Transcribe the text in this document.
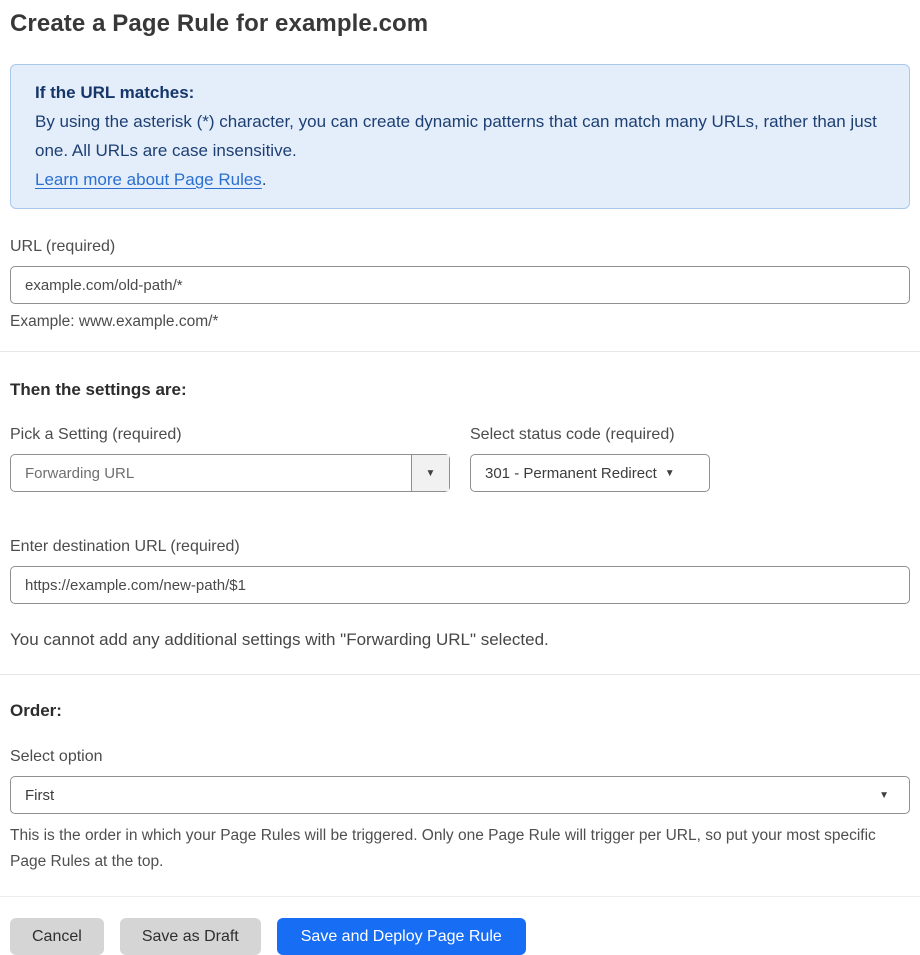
Create a Page Rule for example.com
If the URL matches:
By using the asterisk (*) character, you can create dynamic patterns that can match many URLs, rather than just one. All URLs are case insensitive.
Learn more about Page Rules.
URL (required)
example.com/old-path/*
Example: www.example.com/*
Then the settings are:
Pick a Setting (required)
Forwarding URL	▼
Select status code (required)
301 - Permanent Redirect ▼
Enter destination URL (required)
https://example.com/new-path/$1

You cannot add any additional settings with "Forwarding URL" selected.

Order:
Select option
First	▼
This is the order in which your Page Rules will be triggered. Only one Page Rule will trigger per URL, so put your most specific Page Rules at the top.
Cancel	Save as Draft	Save and Deploy Page Rule
